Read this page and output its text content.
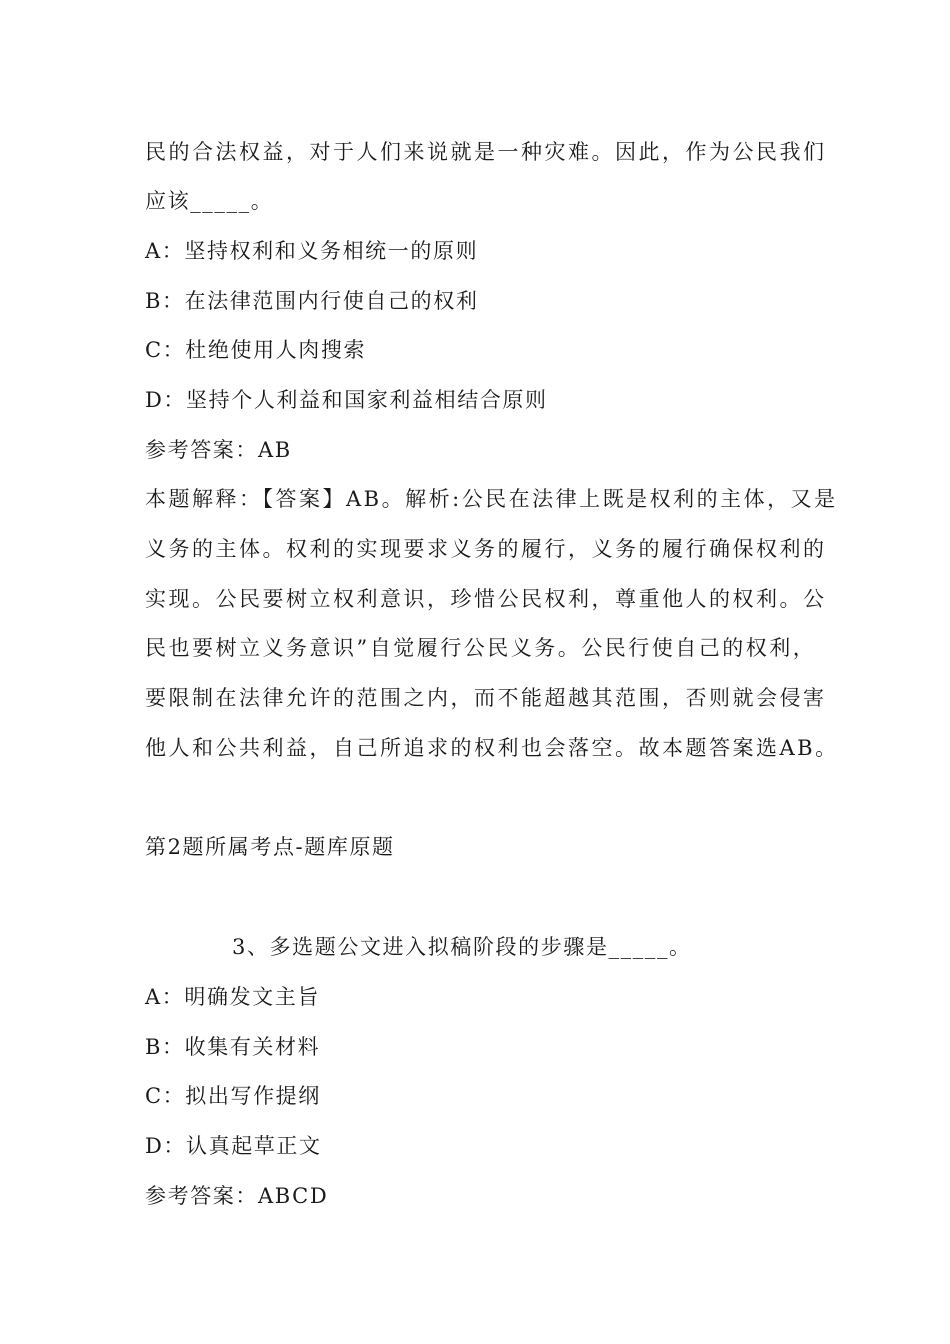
民的合法权益，对于人们来说就是一种灾难。因此，作为公民我们
应该_____。
A：坚持权利和义务相统一的原则
B：在法律范围内行使自己的权利
C：杜绝使用人肉搜索
D：坚持个人利益和国家利益相结合原则
参考答案：AB
本题解释：【答案】AB。解析:公民在法律上既是权利的主体，又是
义务的主体。权利的实现要求义务的履行，义务的履行确保权利的
实现。公民要树立权利意识，珍惜公民权利，尊重他人的权利。公
民也要树立义务意识”自觉履行公民义务。公民行使自己的权利，
要限制在法律允许的范围之内，而不能超越其范围，否则就会侵害
他人和公共利益，自己所追求的权利也会落空。故本题答案选AB。
第2题所属考点-题库原题
3、多选题公文进入拟稿阶段的步骤是_____。
A：明确发文主旨
B：收集有关材料
C：拟出写作提纲
D：认真起草正文
参考答案：ABCD
